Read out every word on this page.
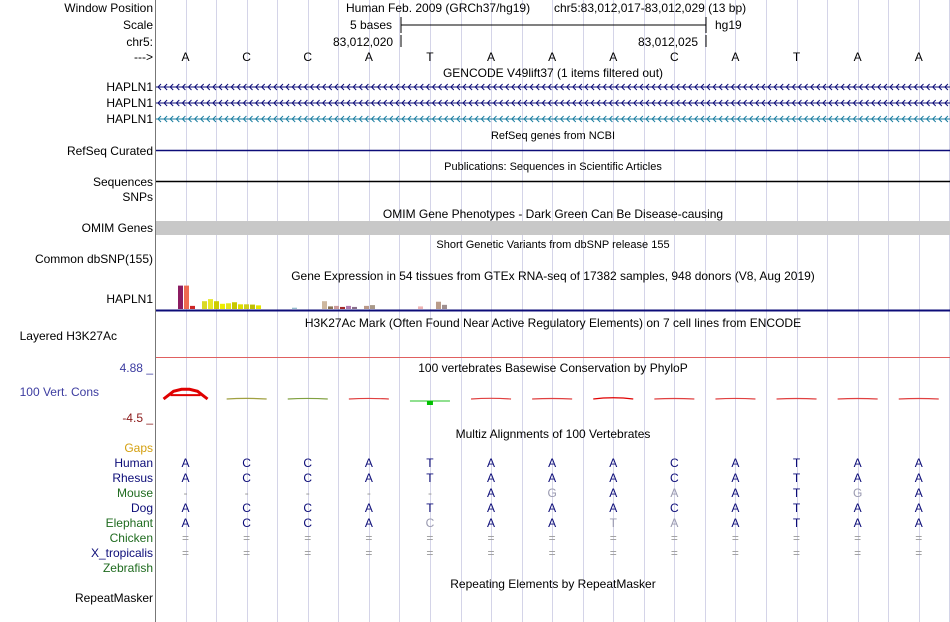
Window Position
Scale
chr5:
--->
Human Feb. 2009 (GRCh37/hg19) chr5:83,012,017-83,012,029 (13 bp)
5 bases	hg19
83,012,020	83,012,025
A	C	C	A	T	A	A	A	C	A	T	A	A
GENCODE V49lift37 (1 items filtered out)
HAPLN1
HAPLN1
HAPLN1
RefSeq genes from NCBI
RefSeq Curated
Publications: Sequences in Scientific Articles
Sequences
SNPs
OMIM Gene Phenotypes - Dark Green Can Be Disease-causing
OMIM Genes
Short Genetic Variants from dbSNP release 155
Common dbSNP(155)
Gene Expression in 54 tissues from GTEx RNA-seq of 17382 samples, 948 donors (V8, Aug 2019)
HAPLN1
H3K27Ac Mark (Often Found Near Active Regulatory Elements) on 7 cell lines from ENCODE
Layered H3K27Ac
100 vertebrates Basewise Conservation by PhyloP
4.88 _
100 Vert. Cons
-4.5 _
Multiz Alignments of 100 Vertebrates
Gaps
Human	A	C	C	A	T	A	A	A	C	A	T	A	A
Rhesus	A	C	C	A	T	A	A	A	C	A	T	A	A
Mouse	-	-	-	-	-	A	G	A	A	A	T	G	A
Dog	A	C	C	A	T	A	A	A	C	A	T	A	A
Elephant	A	C	C	A	C	A	A	T	A	A	T	A	A
Chicken	=	=	=	=	=	=	=	=	=	=	=	=	=
X_tropicalis	=	=	=	=	=	=	=	=	=	=	=	=	=
Zebrafish
Repeating Elements by RepeatMasker
RepeatMasker
